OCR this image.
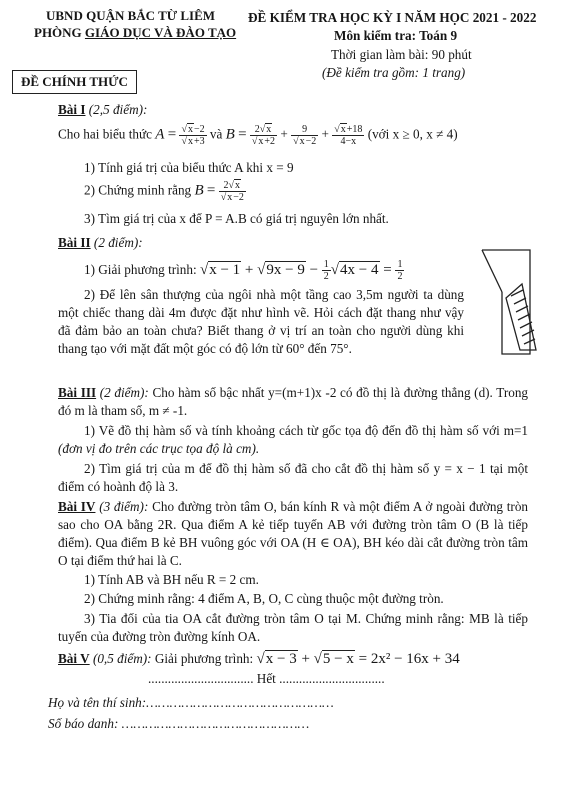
UBND QUẬN BẮC TỪ LIÊM
PHÒNG GIÁO DỤC VÀ ĐÀO TẠO
ĐỀ CHÍNH THỨC
ĐỀ KIỂM TRA HỌC KỲ I NĂM HỌC 2021 - 2022
Môn kiểm tra: Toán 9
Thời gian làm bài: 90 phút
(Đề kiểm tra gồm: 1 trang)
Bài I (2,5 điểm):
Cho hai biểu thức $A = \frac{√x-2}{√x+3}$ và $B = \frac{2√x}{√x+2} + \frac{9}{√x-2} + \frac{√x+18}{4-x}$ (với x ≥ 0, x ≠ 4)
1) Tính giá trị của biểu thức A khi x = 9
2) Chứng minh rằng $B = \frac{2√x}{√x-2}$
3) Tìm giá trị của x để P = A.B có giá trị nguyên lớn nhất.
Bài II (2 điểm):
1) Giải phương trình: $√x - 1 + √9x - 9 - \frac{1}{2} √4x - 4 = \frac{1}{2}$
2) Để lên sân thượng của ngôi nhà một tầng cao 3,5m người ta dùng một chiếc thang dài 4m được đặt như hình vẽ. Hỏi cách đặt thang như vậy đã đảm bảo an toàn chưa? Biết thang ở vị trí an toàn cho người dùng khi thang tạo với mặt đất một góc có độ lớn từ 60° đến 75°.
Bài III (2 điểm): Cho hàm số bậc nhất y=(m+1)x -2 có đồ thị là đường thẳng (d). Trong đó m là tham số, m ≠ -1.
1) Vẽ đồ thị hàm số và tính khoảng cách từ gốc tọa độ đến đồ thị hàm số với m=1 (đơn vị đo trên các trục tọa độ là cm).
2) Tìm giá trị của m để đồ thị hàm số đã cho cắt đồ thị hàm số y = x − 1 tại một điểm có hoành độ là 3.
Bài IV (3 điểm): Cho đường tròn tâm O, bán kính R và một điểm A ở ngoài đường tròn sao cho OA bằng 2R. Qua điểm A kẻ tiếp tuyến AB với đường tròn tâm O (B là tiếp điểm). Qua điểm B kẻ BH vuông góc với OA (H ∈ OA), BH kéo dài cắt đường tròn tâm O tại điểm thứ hai là C.
1) Tính AB và BH nếu R = 2 cm.
2) Chứng minh rằng: 4 điểm A, B, O, C cùng thuộc một đường tròn.
3) Tia đối của tia OA cắt đường tròn tâm O tại M. Chứng minh rằng: MB là tiếp tuyến của đường tròn đường kính OA.
Bài V (0,5 điểm): Giải phương trình: √x − 3 + √5 − x = 2x² − 16x + 34
................................ Hết ................................
Họ và tên thí sinh:…………………………………………
Số báo danh: …………………………………………
